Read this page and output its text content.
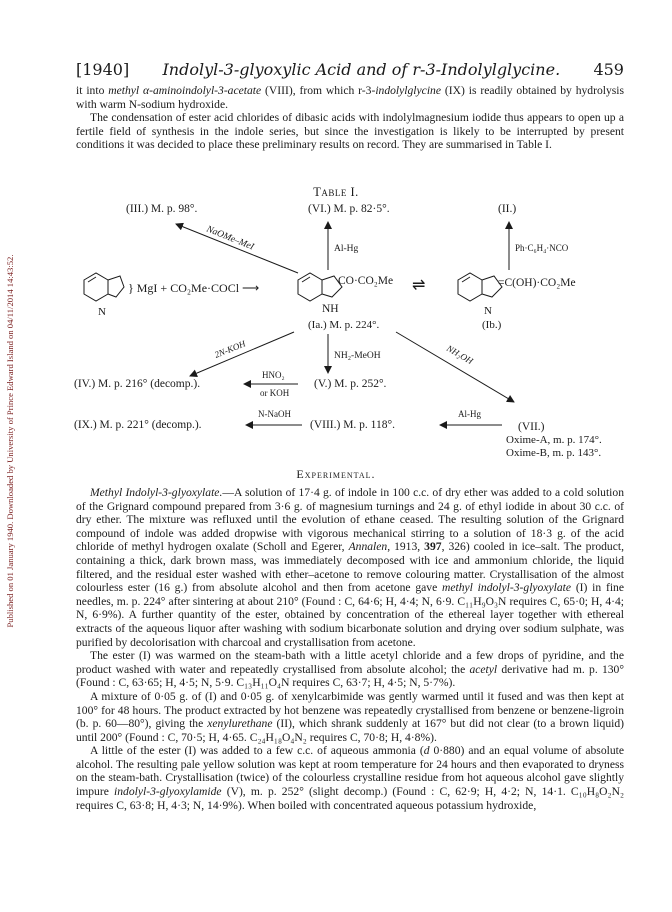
Published on 01 January 1940. Downloaded by University of Prince Edward Island on 04/11/2014 14:43:52.
[1940] Indolyl-3-glyoxylic Acid and of r-3-Indolylglycine. 459

it into methyl α-aminoindolyl-3-acetate (VIII), from which r-3-indolylglycine (IX) is readily obtained by hydrolysis with warm N-sodium hydroxide.

The condensation of ester acid chlorides of dibasic acids with indolylmagnesium iodide thus appears to open up a fertile field of synthesis in the indole series, but since the investigation is likely to be interrupted by present conditions it was decided to place these preliminary results on record. They are summarised in Table I.

Table I.
(III.) M. p. 98°.	(VI.) M. p. 82·5°.	(II.)
NaOMe–MeI	Al-Hg	Ph·C₆H₄·NCO
N
} MgI + CO₂Me·COCl ⟶	CO·CO₂Me
NH
(Ia.) M. p. 224°.
⇌	=C(OH)·CO₂Me
N
(Ib.)
2N-KOH	NH₂-MeOH	NH₂OH
(IV.) M. p. 216° (decomp.).
HNO₂
or KOH
(V.) M. p. 252°.
(IX.) M. p. 221° (decomp.).
N-NaOH
(VIII.) M. p. 118°.
Al-Hg
(VII.)
Oxime-A, m. p. 174°.
Oxime-B, m. p. 143°.
Experimental.

Methyl Indolyl-3-glyoxylate.—A solution of 17·4 g. of indole in 100 c.c. of dry ether was added to a cold solution of the Grignard compound prepared from 3·6 g. of magnesium turnings and 24 g. of ethyl iodide in about 30 c.c. of dry ether. The mixture was refluxed until the evolution of ethane ceased. The resulting solution of the Grignard compound of indole was added dropwise with vigorous mechanical stirring to a solution of 18·3 g. of the acid chloride of methyl hydrogen oxalate (Scholl and Egerer, Annalen, 1913, 397, 326) cooled in ice–salt. The product, containing a thick, dark brown mass, was immediately decomposed with ice and ammonium chloride, the liquid filtered, and the residual ester washed with ether–acetone to remove colouring matter. Crystallisation of the almost colourless ester (16 g.) from absolute alcohol and then from acetone gave methyl indolyl-3-glyoxylate (I) in fine needles, m. p. 224° after sintering at about 210° (Found : C, 64·6; H, 4·4; N, 6·9. C₁₁H₉O₃N requires C, 65·0; H, 4·4; N, 6·9%). A further quantity of the ester, obtained by concentration of the ethereal layer together with ethereal extracts of the aqueous liquor after washing with sodium bicarbonate solution and drying over sodium sulphate, was purified by decolorisation with charcoal and crystallisation from acetone.

The ester (I) was warmed on the steam-bath with a little acetyl chloride and a few drops of pyridine, and the product washed with water and repeatedly crystallised from absolute alcohol; the acetyl derivative had m. p. 130° (Found : C, 63·65; H, 4·5; N, 5·9. C₁₃H₁₁O₄N requires C, 63·7; H, 4·5; N, 5·7%).

A mixture of 0·05 g. of (I) and 0·05 g. of xenylcarbimide was gently warmed until it fused and was then kept at 100° for 48 hours. The product extracted by hot benzene was repeatedly crystallised from benzene or benzene-ligroin (b. p. 60—80°), giving the xenylurethane (II), which shrank suddenly at 167° but did not clear (to a brown liquid) until 200° (Found : C, 70·5; H, 4·65. C₂₄H₁₈O₄N₂ requires C, 70·8; H, 4·8%).

A little of the ester (I) was added to a few c.c. of aqueous ammonia (d 0·880) and an equal volume of absolute alcohol. The resulting pale yellow solution was kept at room temperature for 24 hours and then evaporated to dryness on the steam-bath. Crystallisation (twice) of the colourless crystalline residue from hot aqueous alcohol gave slightly impure indolyl-3-glyoxylamide (V), m. p. 252° (slight decomp.) (Found : C, 62·9; H, 4·2; N, 14·1. C₁₀H₈O₂N₂ requires C, 63·8; H, 4·3; N, 14·9%). When boiled with concentrated aqueous potassium hydroxide,
